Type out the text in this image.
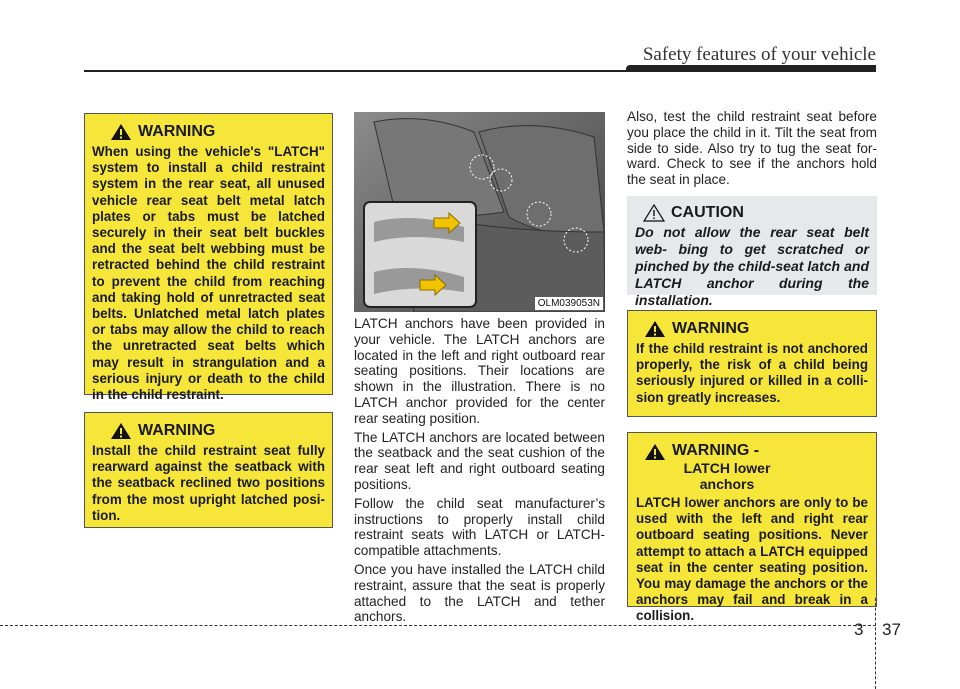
Safety features of your vehicle
WARNING
When using the vehicle's "LATCH" system to install a child restraint system in the rear seat, all unused vehicle rear seat belt metal latch plates or tabs must be latched securely in their seat belt buckles and the seat belt webbing must be retracted behind the child restraint to prevent the child from reaching and taking hold of unretracted seat belts. Unlatched metal latch plates or tabs may allow the child to reach the unretracted seat belts which may result in strangulation and a serious injury or death to the child in the child restraint.
WARNING
Install the child restraint seat fully rearward against the seatback with the seatback reclined two positions from the most upright latched posi- tion.
OLM039053N

LATCH anchors have been provided in your vehicle. The LATCH anchors are located in the left and right outboard rear seating positions. Their locations are shown in the illustration. There is no LATCH anchor provided for the center rear seating position.

The LATCH anchors are located between the seatback and the seat cushion of the rear seat left and right outboard seating positions.

Follow the child seat manufacturer’s instructions to properly install child restraint seats with LATCH or LATCH- compatible attachments.

Once you have installed the LATCH child restraint, assure that the seat is properly attached to the LATCH and tether anchors.

Also, test the child restraint seat before you place the child in it. Tilt the seat from side to side. Also try to tug the seat for- ward. Check to see if the anchors hold the seat in place.

CAUTION
Do not allow the rear seat belt web- bing to get scratched or pinched by the child-seat latch and LATCH anchor during the installation.
WARNING
If the child restraint is not anchored properly, the risk of a child being seriously injured or killed in a colli- sion greatly increases.
WARNING - LATCH lower anchors
LATCH lower anchors are only to be used with the left and right rear outboard seating positions. Never attempt to attach a LATCH equipped seat in the center seating position. You may damage the anchors or the anchors may fail and break in a collision.
3 37
